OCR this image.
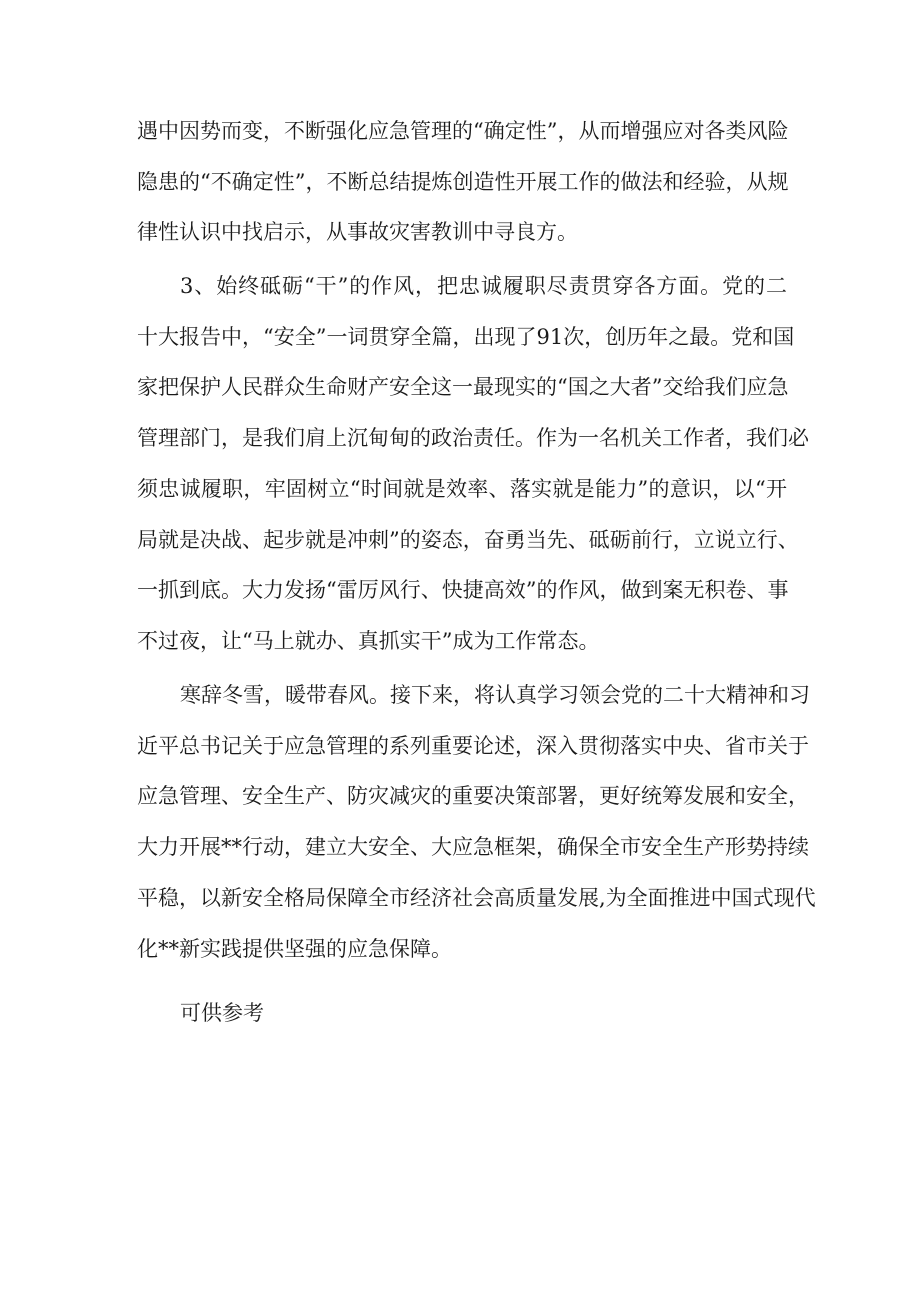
遇中因势而变，不断强化应急管理的“确定性”，从而增强应对各类风险
隐患的“不确定性”，不断总结提炼创造性开展工作的做法和经验，从规
律性认识中找启示，从事故灾害教训中寻良方。
3、始终砥砺“干”的作风，把忠诚履职尽责贯穿各方面。党的二
十大报告中，“安全”一词贯穿全篇，出现了91次，创历年之最。党和国
家把保护人民群众生命财产安全这一最现实的“国之大者”交给我们应急
管理部门，是我们肩上沉甸甸的政治责任。作为一名机关工作者，我们必
须忠诚履职，牢固树立“时间就是效率、落实就是能力”的意识，以“开
局就是决战、起步就是冲刺”的姿态，奋勇当先、砥砺前行，立说立行、
一抓到底。大力发扬“雷厉风行、快捷高效”的作风，做到案无积卷、事
不过夜，让“马上就办、真抓实干”成为工作常态。
寒辞冬雪，暖带春风。接下来，将认真学习领会党的二十大精神和习
近平总书记关于应急管理的系列重要论述，深入贯彻落实中央、省市关于
应急管理、安全生产、防灾减灾的重要决策部署，更好统筹发展和安全，
大力开展**行动，建立大安全、大应急框架，确保全市安全生产形势持续
平稳，以新安全格局保障全市经济社会高质量发展,为全面推进中国式现代
化**新实践提供坚强的应急保障。
可供参考
